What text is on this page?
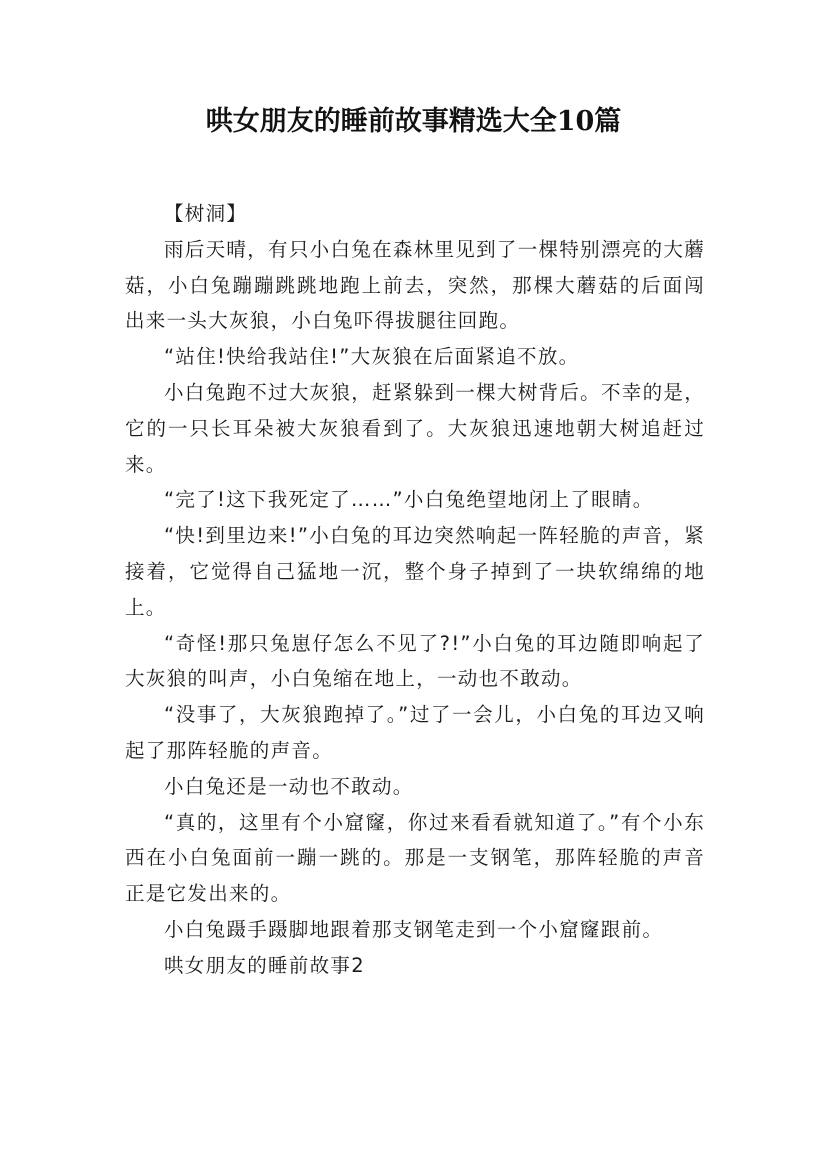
哄女朋友的睡前故事精选大全10篇

【树洞】

雨后天晴，有只小白兔在森林里见到了一棵特别漂亮的大蘑菇，小白兔蹦蹦跳跳地跑上前去，突然，那棵大蘑菇的后面闯出来一头大灰狼，小白兔吓得拔腿往回跑。

“站住!快给我站住!”大灰狼在后面紧追不放。

小白兔跑不过大灰狼，赶紧躲到一棵大树背后。不幸的是，它的一只长耳朵被大灰狼看到了。大灰狼迅速地朝大树追赶过来。

“完了!这下我死定了……”小白兔绝望地闭上了眼睛。

“快!到里边来!”小白兔的耳边突然响起一阵轻脆的声音，紧接着，它觉得自己猛地一沉，整个身子掉到了一块软绵绵的地上。

“奇怪!那只兔崽仔怎么不见了?!”小白兔的耳边随即响起了大灰狼的叫声，小白兔缩在地上，一动也不敢动。

“没事了，大灰狼跑掉了。”过了一会儿，小白兔的耳边又响起了那阵轻脆的声音。

小白兔还是一动也不敢动。

“真的，这里有个小窟窿，你过来看看就知道了。”有个小东西在小白兔面前一蹦一跳的。那是一支钢笔，那阵轻脆的声音正是它发出来的。

小白兔蹑手蹑脚地跟着那支钢笔走到一个小窟窿跟前。

哄女朋友的睡前故事2
